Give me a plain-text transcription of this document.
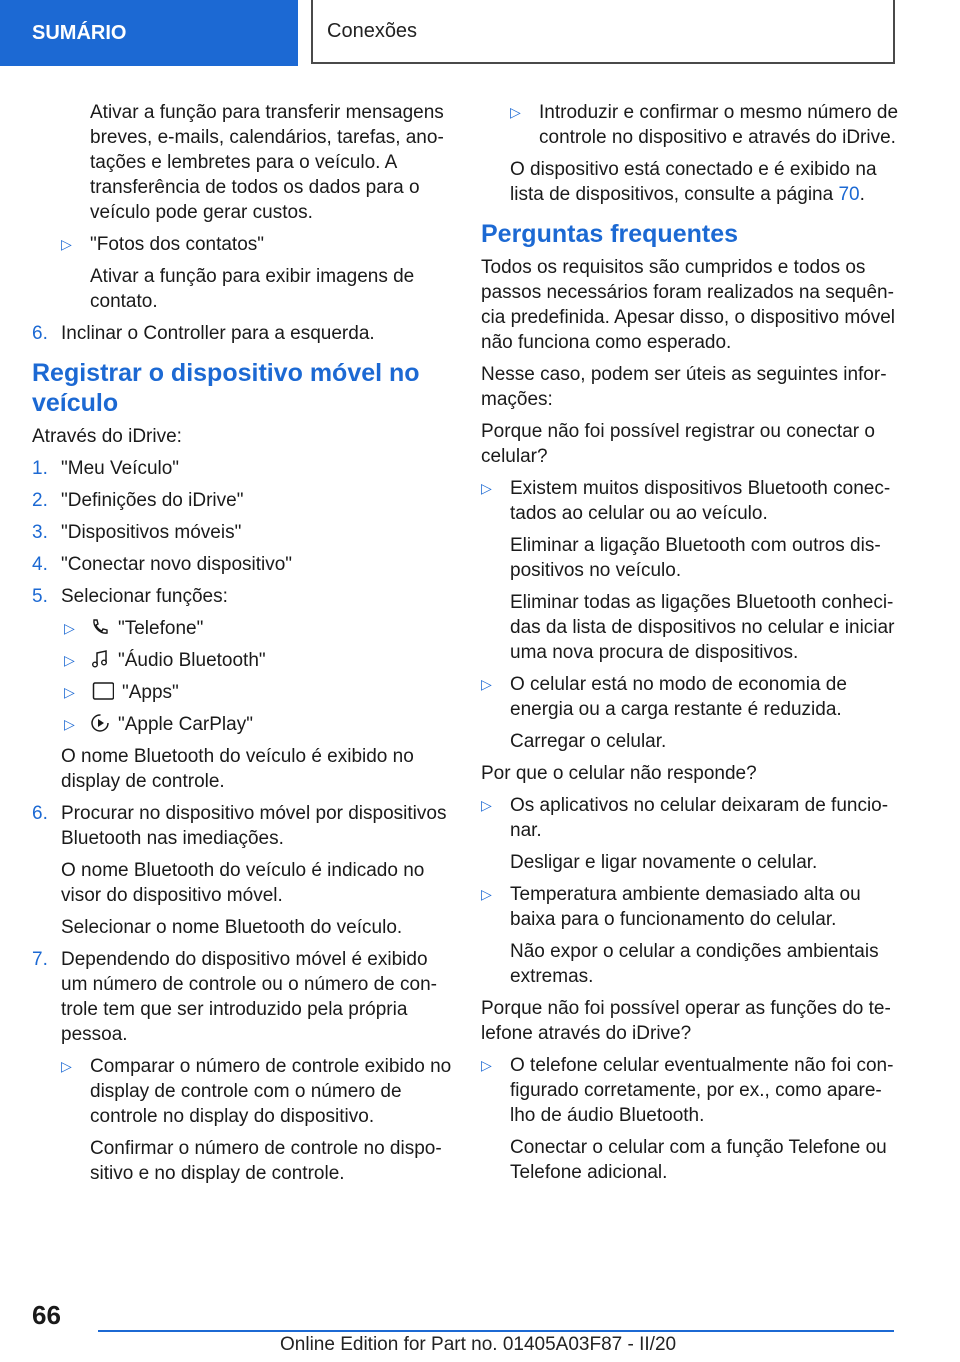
SUMÁRIO	Conexões

Ativar a função para transferir mensagens breves, e-mails, calendários, tarefas, ano-tações e lembretes para o veículo. A transferência de todos os dados para o veículo pode gerar custos.

▷ "Fotos dos contatos"

Ativar a função para exibir imagens de contato.

6. Inclinar o Controller para a esquerda.
Registrar o dispositivo móvel no veículo

Através do iDrive:

1. "Meu Veículo"
2. "Definições do iDrive"
3. "Dispositivos móveis"
4. "Conectar novo dispositivo"
5. Selecionar funções:
▷ "Telefone"
▷ "Áudio Bluetooth"
▷ "Apps"
▷ "Apple CarPlay"

O nome Bluetooth do veículo é exibido no display de controle.

6. Procurar no dispositivo móvel por dispositivos Bluetooth nas imediações.

O nome Bluetooth do veículo é indicado no visor do dispositivo móvel.

Selecionar o nome Bluetooth do veículo.

7. Dependendo do dispositivo móvel é exibido um número de controle ou o número de con-trole tem que ser introduzido pela própria pessoa.
▷ Comparar o número de controle exibido no display de controle com o número de controle no display do dispositivo.

Confirmar o número de controle no dispo-sitivo e no display de controle.

▷ Introduzir e confirmar o mesmo número de controle no dispositivo e através do iDrive.

O dispositivo está conectado e é exibido na lista de dispositivos, consulte a página 70.

Perguntas frequentes

Todos os requisitos são cumpridos e todos os passos necessários foram realizados na sequên-cia predefinida. Apesar disso, o dispositivo móvel não funciona como esperado.

Nesse caso, podem ser úteis as seguintes infor-mações:

Porque não foi possível registrar ou conectar o celular?

▷ Existem muitos dispositivos Bluetooth conec-tados ao celular ou ao veículo.

Eliminar a ligação Bluetooth com outros dis-positivos no veículo.

Eliminar todas as ligações Bluetooth conheci-das da lista de dispositivos no celular e iniciar uma nova procura de dispositivos.

▷ O celular está no modo de economia de energia ou a carga restante é reduzida.

Carregar o celular.

Por que o celular não responde?

▷ Os aplicativos no celular deixaram de funcio-nar.

Desligar e ligar novamente o celular.

▷ Temperatura ambiente demasiado alta ou baixa para o funcionamento do celular.

Não expor o celular a condições ambientais extremas.

Porque não foi possível operar as funções do te-lefone através do iDrive?

▷ O telefone celular eventualmente não foi con-figurado corretamente, por ex., como apare-lho de áudio Bluetooth.

Conectar o celular com a função Telefone ou Telefone adicional.

66
Online Edition for Part no. 01405A03F87 - II/20
